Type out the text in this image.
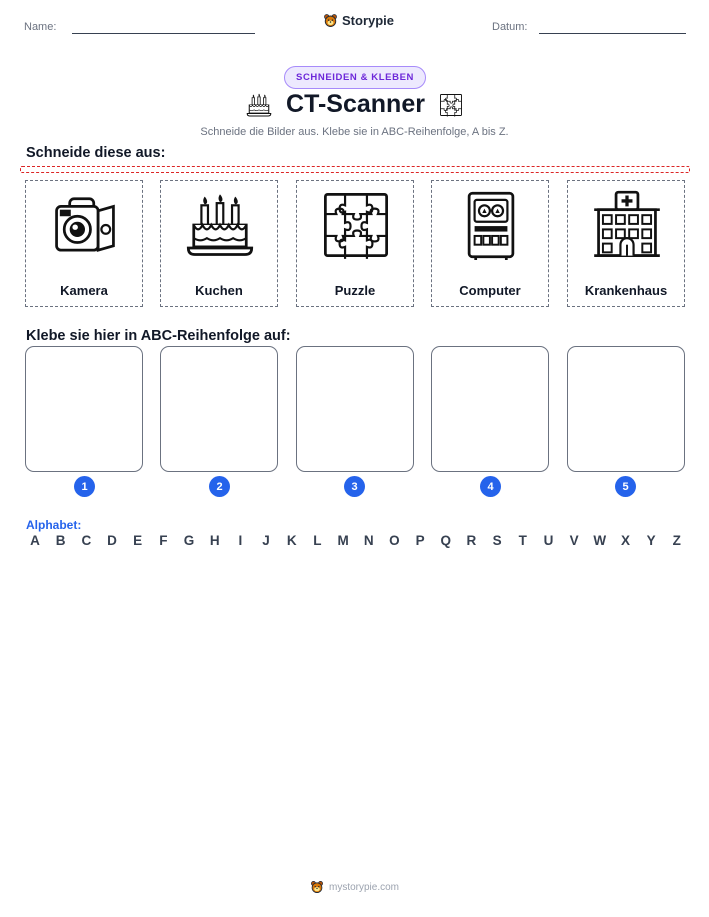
Name:	Storypie	Datum:
SCHNEIDEN & KLEBEN
CT-Scanner
Schneide die Bilder aus. Klebe sie in ABC-Reihenfolge, A bis Z.
Schneide diese aus:
Kamera	Kuchen	Puzzle	Computer	Krankenhaus
Klebe sie hier in ABC-Reihenfolge auf:
1	2	3	4	5
Alphabet:
A	B	C	D	E	F	G	H	I	J	K	L	M	N	O	P	Q	R	S	T	U	V	W	X	Y	Z
mystorypie.com
